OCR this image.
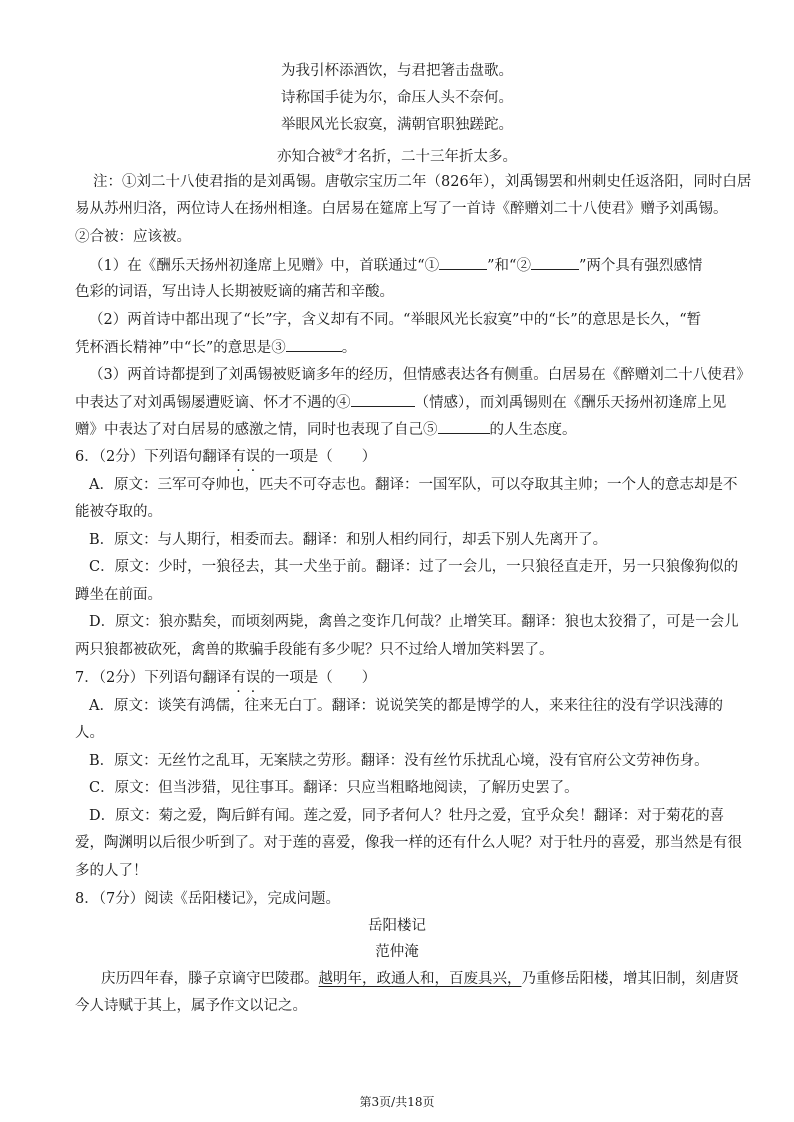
为我引杯添酒饮，与君把箸击盘歌。
诗称国手徒为尔，命压人头不奈何。
举眼风光长寂寞，满朝官职独蹉跎。
亦知合被②才名折，二十三年折太多。
注：①刘二十八使君指的是刘禹锡。唐敬宗宝历二年（826年），刘禹锡罢和州刺史任返洛阳，同时白居
易从苏州归洛，两位诗人在扬州相逢。白居易在筵席上写了一首诗《醉赠刘二十八使君》赠予刘禹锡。
②合被：应该被。
（1）在《酬乐天扬州初逢席上见赠》中，首联通过“①	”和“②	”两个具有强烈感情
色彩的词语，写出诗人长期被贬谪的痛苦和辛酸。
（2）两首诗中都出现了“长”字，含义却有不同。“举眼风光长寂寞”中的“长”的意思是长久，“暂
凭杯酒长精神”中“长”的意思是③	。
（3）两首诗都提到了刘禹锡被贬谪多年的经历，但情感表达各有侧重。白居易在《醉赠刘二十八使君》
中表达了对刘禹锡屡遭贬谪、怀才不遇的④	（情感），而刘禹锡则在《酬乐天扬州初逢席上见
赠》中表达了对白居易的感激之情，同时也表现了自己⑤	的人生态度。
6．（2分）下列语句翻译有误的一项是（　　）
A．原文：三军可夺帅也，匹夫不可夺志也。翻译：一国军队，可以夺取其主帅；一个人的意志却是不
能被夺取的。
B．原文：与人期行，相委而去。翻译：和别人相约同行，却丢下别人先离开了。
C．原文：少时，一狼径去，其一犬坐于前。翻译：过了一会儿，一只狼径直走开，另一只狼像狗似的
蹲坐在前面。
D．原文：狼亦黠矣，而顷刻两毙，禽兽之变诈几何哉？止增笑耳。翻译：狼也太狡猾了，可是一会儿
两只狼都被砍死，禽兽的欺骗手段能有多少呢？只不过给人增加笑料罢了。
7．（2分）下列语句翻译有误的一项是（　　）
A．原文：谈笑有鸿儒，往来无白丁。翻译：说说笑笑的都是博学的人，来来往往的没有学识浅薄的
人。
B．原文：无丝竹之乱耳，无案牍之劳形。翻译：没有丝竹乐扰乱心境，没有官府公文劳神伤身。
C．原文：但当涉猎，见往事耳。翻译：只应当粗略地阅读，了解历史罢了。
D．原文：菊之爱，陶后鲜有闻。莲之爱，同予者何人？牡丹之爱，宜乎众矣！翻译：对于菊花的喜
爱，陶渊明以后很少听到了。对于莲的喜爱，像我一样的还有什么人呢？对于牡丹的喜爱，那当然是有很
多的人了！
8．（7分）阅读《岳阳楼记》，完成问题。
岳阳楼记
范仲淹
庆历四年春，滕子京谪守巴陵郡。越明年，政通人和，百废具兴，乃重修岳阳楼，增其旧制，刻唐贤
今人诗赋于其上，属予作文以记之。
第3页/共18页
